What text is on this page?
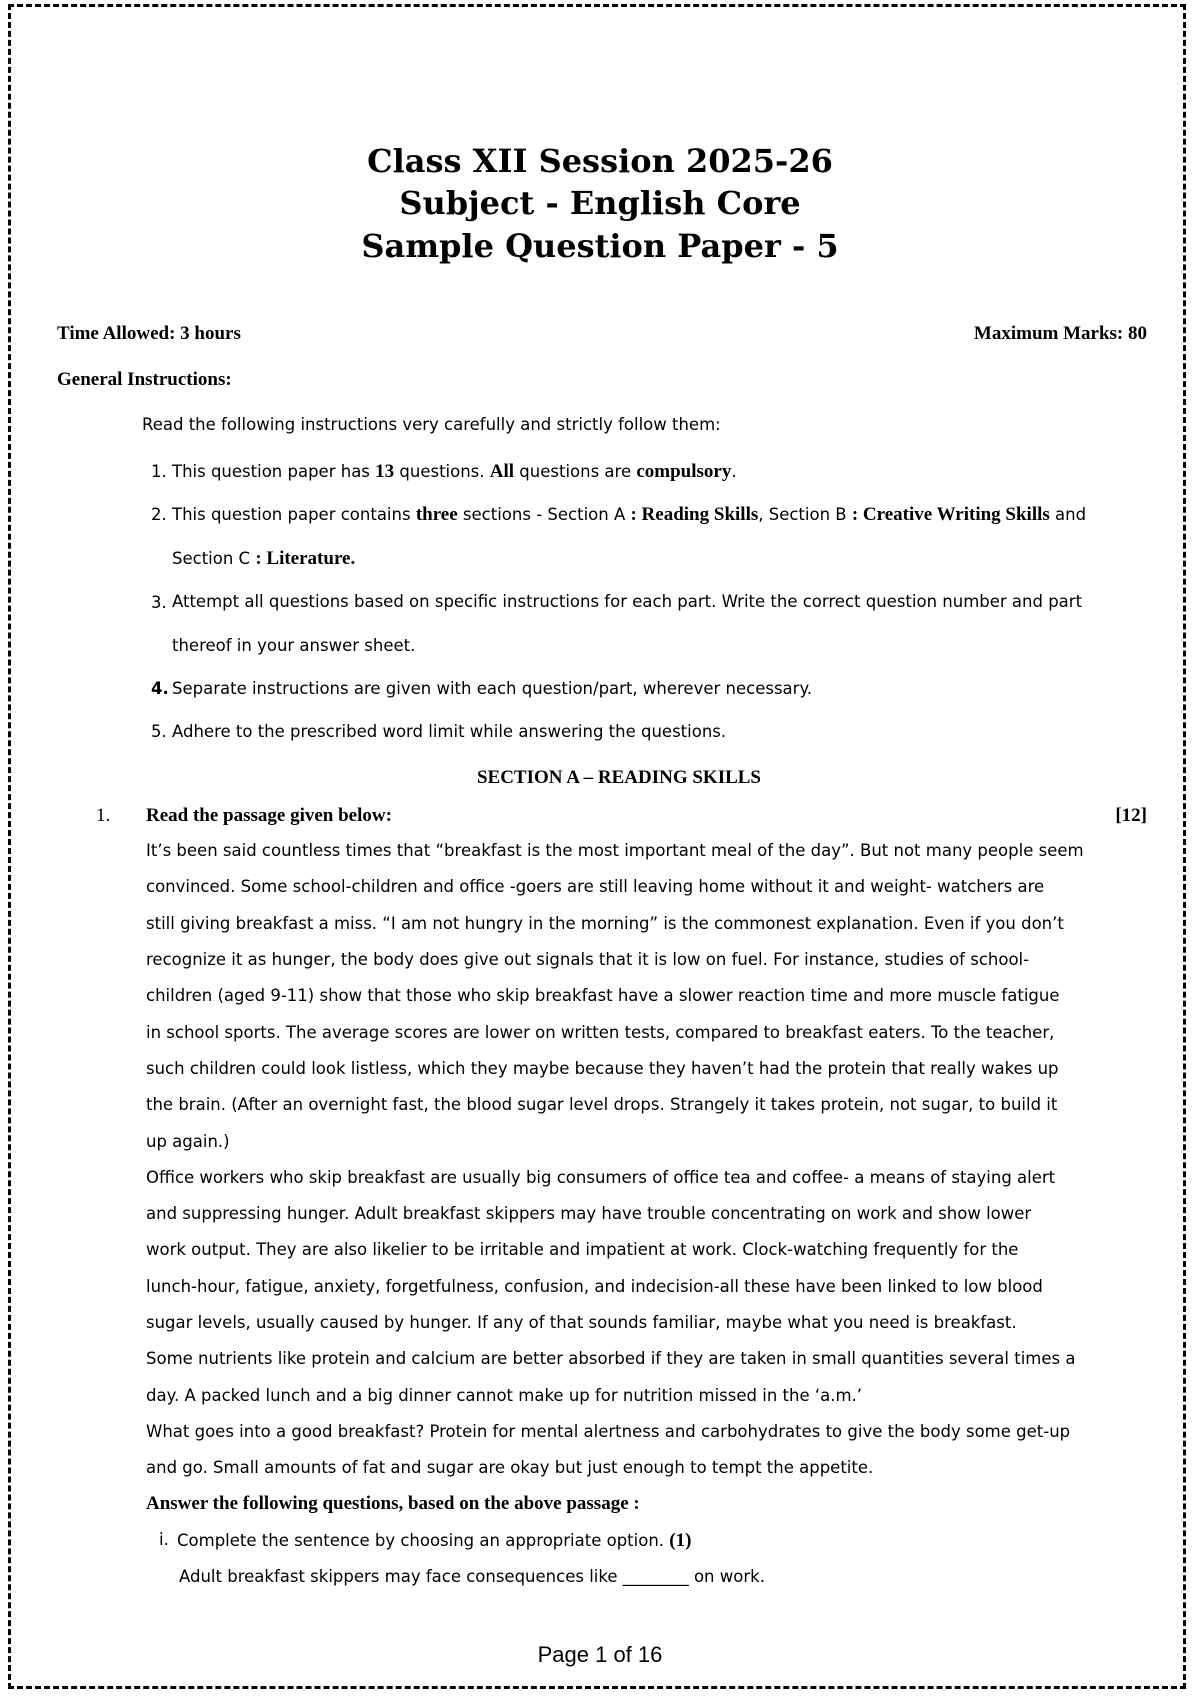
Class XII Session 2025-26
Subject - English Core
Sample Question Paper - 5
Time Allowed: 3 hours	Maximum Marks: 80
General Instructions:
Read the following instructions very carefully and strictly follow them:
1. This question paper has 13 questions. All questions are compulsory.
2. This question paper contains three sections - Section A : Reading Skills, Section B : Creative Writing Skills and
Section C : Literature.
3. Attempt all questions based on specific instructions for each part. Write the correct question number and part
thereof in your answer sheet.
4. Separate instructions are given with each question/part, wherever necessary.
5. Adhere to the prescribed word limit while answering the questions.
SECTION A – READING SKILLS
1. Read the passage given below:	[12]
It’s been said countless times that “breakfast is the most important meal of the day”. But not many people seem
convinced. Some school-children and office -goers are still leaving home without it and weight- watchers are
still giving breakfast a miss. “I am not hungry in the morning” is the commonest explanation. Even if you don’t
recognize it as hunger, the body does give out signals that it is low on fuel. For instance, studies of school-
children (aged 9-11) show that those who skip breakfast have a slower reaction time and more muscle fatigue
in school sports. The average scores are lower on written tests, compared to breakfast eaters. To the teacher,
such children could look listless, which they maybe because they haven’t had the protein that really wakes up
the brain. (After an overnight fast, the blood sugar level drops. Strangely it takes protein, not sugar, to build it
up again.)
Office workers who skip breakfast are usually big consumers of office tea and coffee- a means of staying alert
and suppressing hunger. Adult breakfast skippers may have trouble concentrating on work and show lower
work output. They are also likelier to be irritable and impatient at work. Clock-watching frequently for the
lunch-hour, fatigue, anxiety, forgetfulness, confusion, and indecision-all these have been linked to low blood
sugar levels, usually caused by hunger. If any of that sounds familiar, maybe what you need is breakfast.
Some nutrients like protein and calcium are better absorbed if they are taken in small quantities several times a
day. A packed lunch and a big dinner cannot make up for nutrition missed in the ‘a.m.’
What goes into a good breakfast? Protein for mental alertness and carbohydrates to give the body some get-up
and go. Small amounts of fat and sugar are okay but just enough to tempt the appetite.
Answer the following questions, based on the above passage :
i. Complete the sentence by choosing an appropriate option. (1)
Adult breakfast skippers may face consequences like ________ on work.
Page 1 of 16
